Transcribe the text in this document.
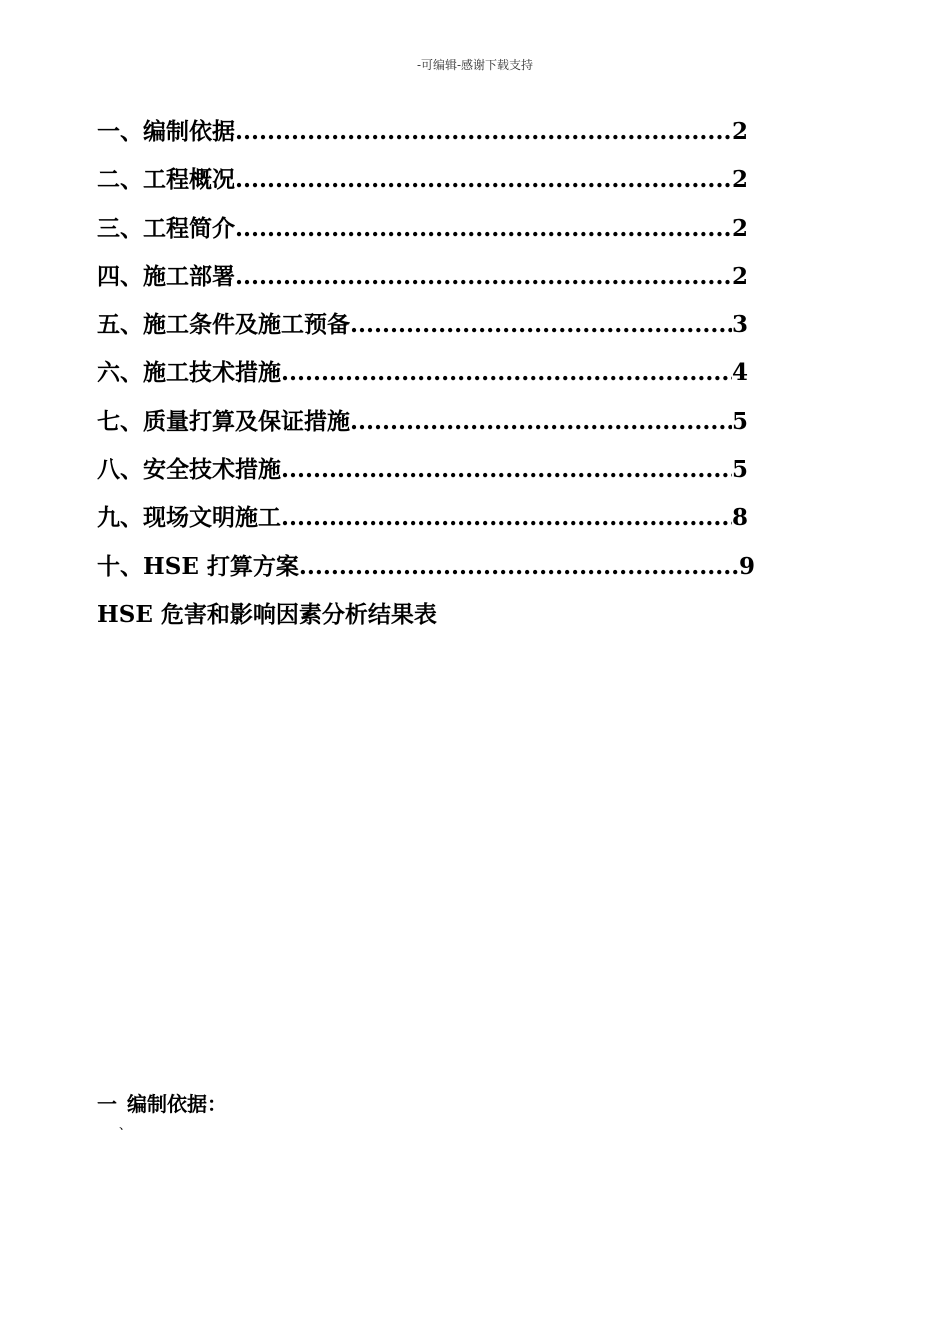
-可编辑-感谢下载支持
一、编制依据 .....	2
二、工程概况 .....	2
三、工程简介 .....	2
四、施工部署 .....	2
五、施工条件及施工预备 .....	3
六、施工技术措施 .....	4
七、质量打算及保证措施 .....	5
八、安全技术措施 .....	5
九、现场文明施工 .....	8
十、HSE 打算方案 .....	9
HSE 危害和影响因素分析结果表
一 编制依据：
、
